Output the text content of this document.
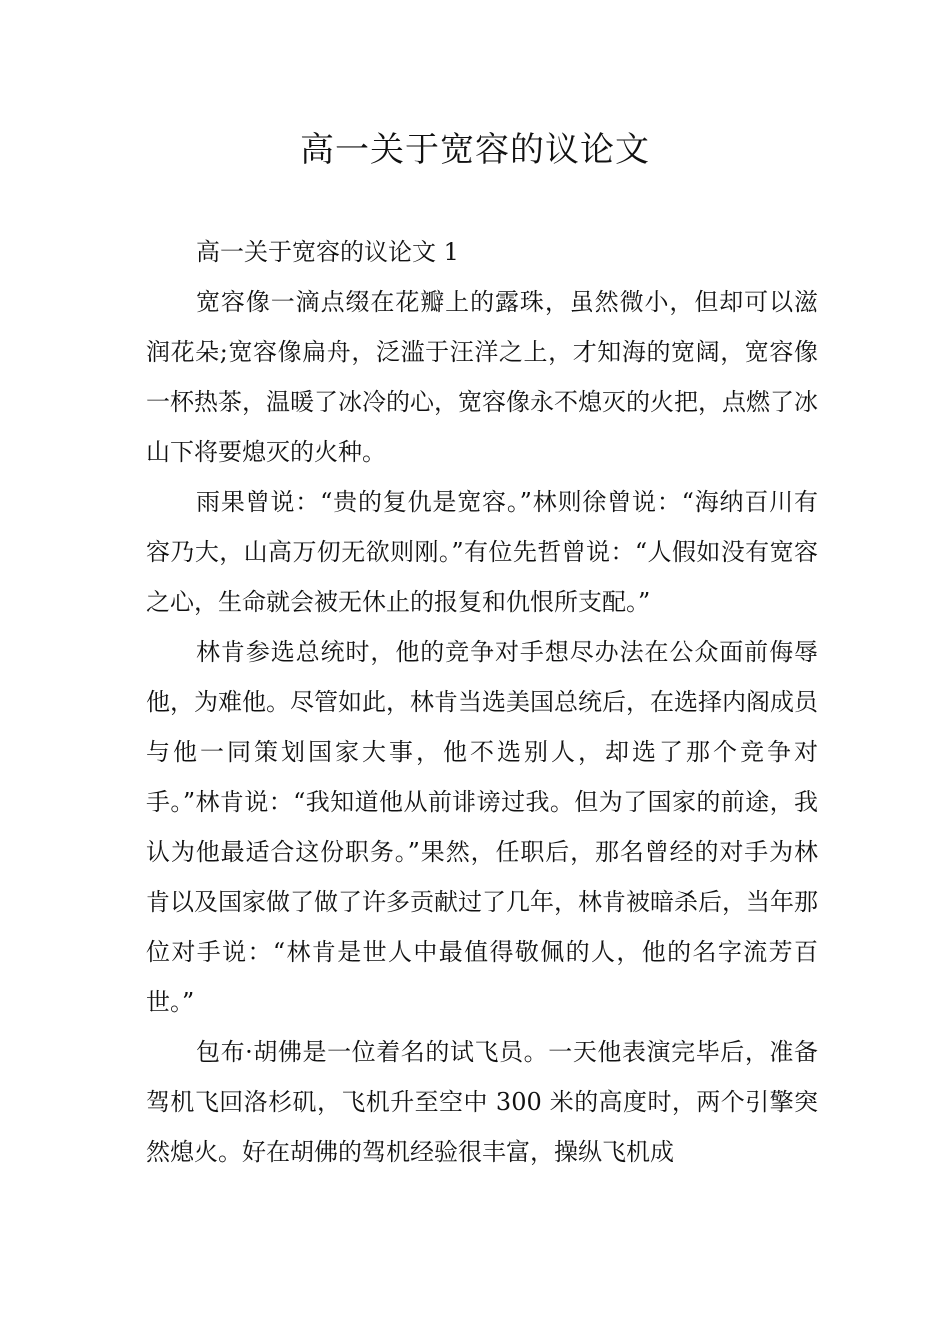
高一关于宽容的议论文

高一关于宽容的议论文 1

宽容像一滴点缀在花瓣上的露珠，虽然微小，但却可以滋润花朵;宽容像扁舟，泛滥于汪洋之上，才知海的宽阔，宽容像一杯热茶，温暖了冰冷的心，宽容像永不熄灭的火把，点燃了冰山下将要熄灭的火种。

雨果曾说：“贵的复仇是宽容。”林则徐曾说：“海纳百川有容乃大，山高万仞无欲则刚。”有位先哲曾说：“人假如没有宽容之心，生命就会被无休止的报复和仇恨所支配。”

林肯参选总统时，他的竞争对手想尽办法在公众面前侮辱他，为难他。尽管如此，林肯当选美国总统后，在选择内阁成员与他一同策划国家大事，他不选别人，却选了那个竞争对手。”林肯说：“我知道他从前诽谤过我。但为了国家的前途，我认为他最适合这份职务。”果然，任职后，那名曾经的对手为林肯以及国家做了做了许多贡献过了几年，林肯被暗杀后，当年那位对手说：“林肯是世人中最值得敬佩的人，他的名字流芳百世。”

包布·胡佛是一位着名的试飞员。一天他表演完毕后，准备驾机飞回洛杉矶，飞机升至空中 300 米的高度时，两个引擎突然熄火。好在胡佛的驾机经验很丰富，操纵飞机成
